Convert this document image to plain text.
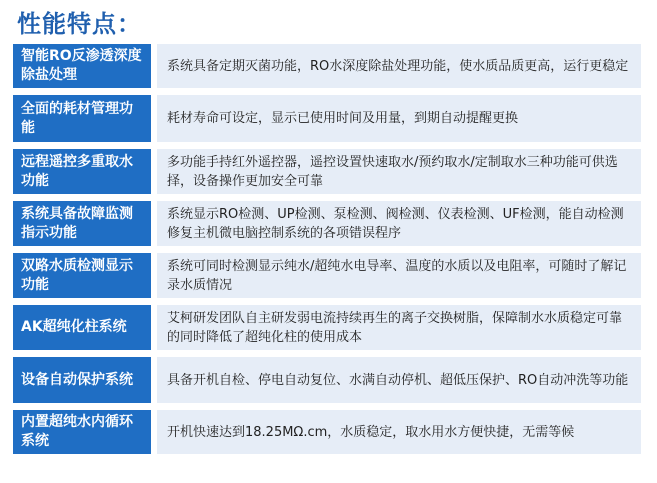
性能特点：
智能RO反渗透深度除盐处理
系统具备定期灭菌功能，RO水深度除盐处理功能，使水质品质更高，运行更稳定
全面的耗材管理功能
耗材寿命可设定，显示已使用时间及用量，到期自动提醒更换
远程遥控多重取水功能
多功能手持红外遥控器，遥控设置快速取水/预约取水/定制取水三种功能可供选择，设备操作更加安全可靠
系统具备故障监测指示功能
系统显示RO检测、UP检测、泵检测、阀检测、仪表检测、UF检测，能自动检测修复主机微电脑控制系统的各项错误程序
双路水质检测显示功能
系统可同时检测显示纯水/超纯水电导率、温度的水质以及电阻率，可随时了解记录水质情况
AK超纯化柱系统
艾柯研发团队自主研发弱电流持续再生的离子交换树脂，保障制水水质稳定可靠的同时降低了超纯化柱的使用成本
设备自动保护系统	具备开机自检、停电自动复位、水满自动停机、超低压保护、RO自动冲洗等功能
内置超纯水内循环系统
开机快速达到18.25MΩ.cm，水质稳定，取水用水方便快捷，无需等候
